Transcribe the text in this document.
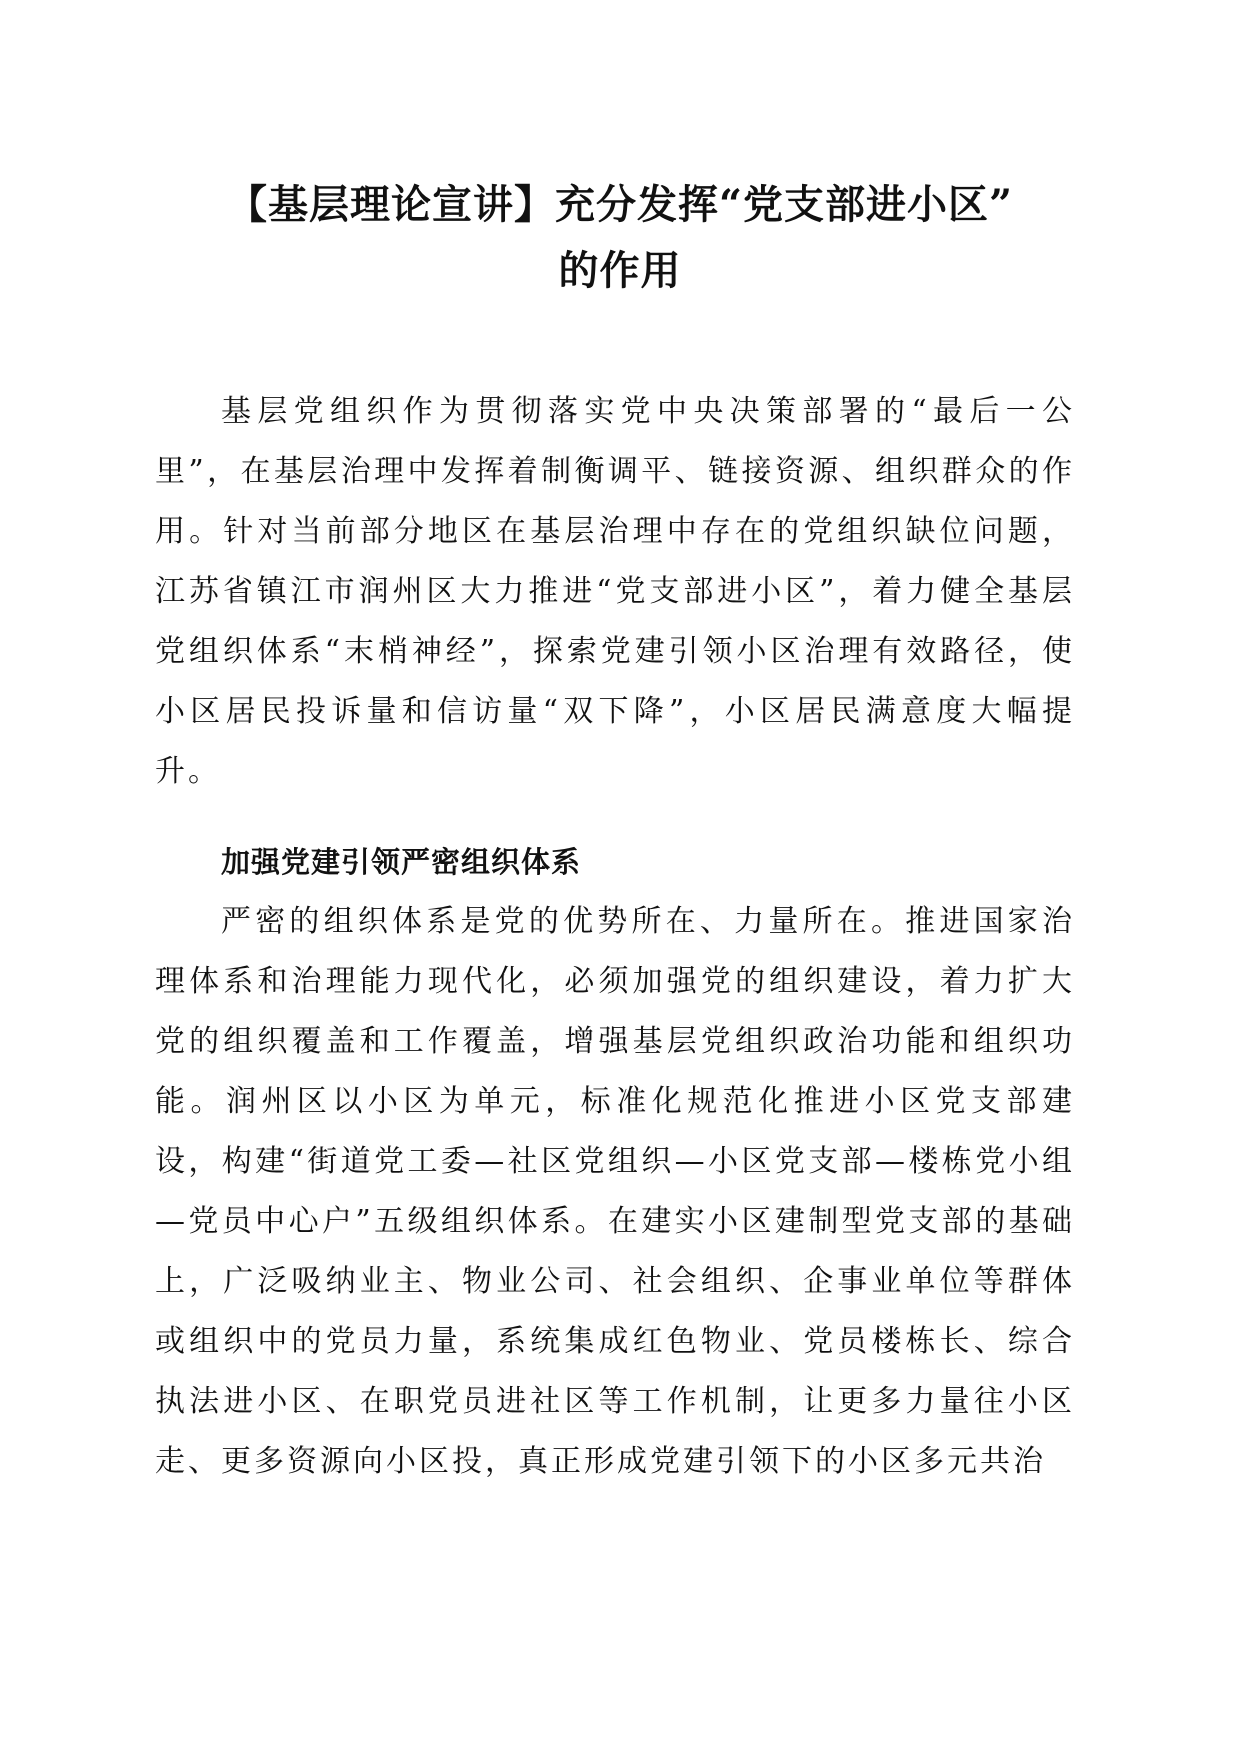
【基层理论宣讲】充分发挥“党支部进小区”
的作用

基层党组织作为贯彻落实党中央决策部署的“最后一公里”，在基层治理中发挥着制衡调平、链接资源、组织群众的作用。针对当前部分地区在基层治理中存在的党组织缺位问题，江苏省镇江市润州区大力推进“党支部进小区”，着力健全基层党组织体系“末梢神经”，探索党建引领小区治理有效路径，使小区居民投诉量和信访量“双下降”，小区居民满意度大幅提升。

加强党建引领严密组织体系

严密的组织体系是党的优势所在、力量所在。推进国家治理体系和治理能力现代化，必须加强党的组织建设，着力扩大党的组织覆盖和工作覆盖，增强基层党组织政治功能和组织功能。润州区以小区为单元，标准化规范化推进小区党支部建设，构建“街道党工委—社区党组织—小区党支部—楼栋党小组—党员中心户”五级组织体系。在建实小区建制型党支部的基础上，广泛吸纳业主、物业公司、社会组织、企事业单位等群体或组织中的党员力量，系统集成红色物业、党员楼栋长、综合执法进小区、在职党员进社区等工作机制，让更多力量往小区走、更多资源向小区投，真正形成党建引领下的小区多元共治
